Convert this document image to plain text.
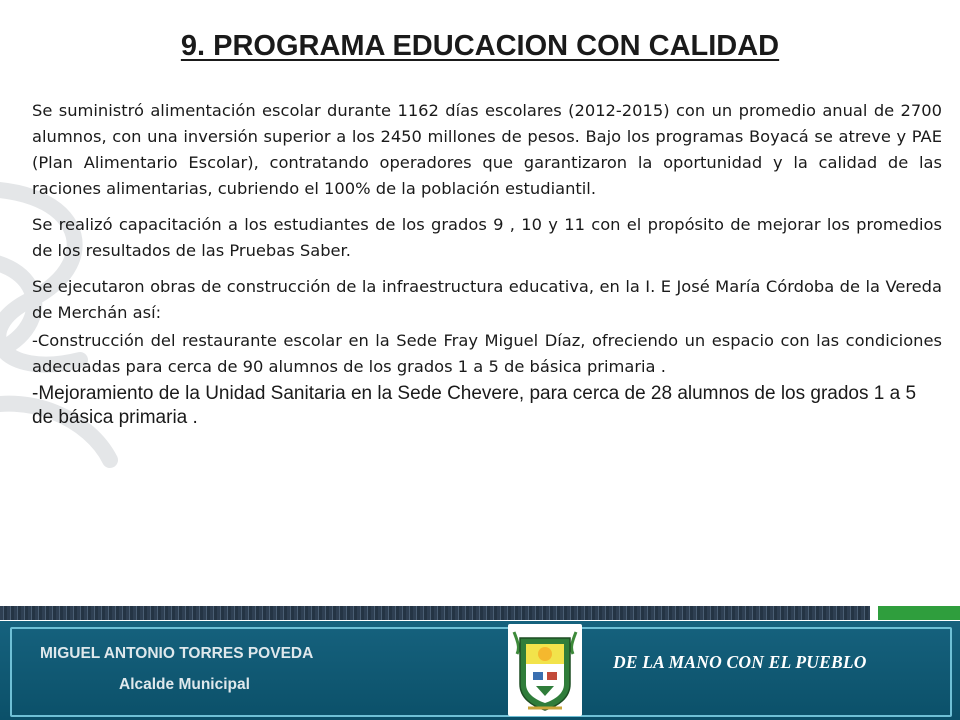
9. PROGRAMA EDUCACION CON CALIDAD

Se suministró alimentación escolar durante 1162 días escolares (2012-2015) con un promedio anual de 2700 alumnos, con una inversión superior a los 2450 millones de pesos. Bajo los programas Boyacá se atreve y PAE (Plan Alimentario Escolar), contratando operadores que garantizaron la oportunidad y la calidad de las raciones alimentarias, cubriendo el 100% de la población estudiantil.

Se realizó capacitación a los estudiantes de los grados 9 , 10 y 11 con el propósito de mejorar los promedios de los resultados de las Pruebas Saber.

Se ejecutaron obras de construcción de la infraestructura educativa, en la I. E José María Córdoba de la Vereda de Merchán así:

-Construcción del restaurante escolar en la Sede Fray Miguel Díaz, ofreciendo un espacio con las condiciones adecuadas para cerca de 90 alumnos de los grados 1 a 5 de básica primaria .

-Mejoramiento de la Unidad Sanitaria en la Sede Chevere, para cerca de 28 alumnos de los grados 1 a 5 de básica primaria .

MIGUEL ANTONIO TORRES POVEDA
Alcalde Municipal
DE LA MANO CON EL PUEBLO
